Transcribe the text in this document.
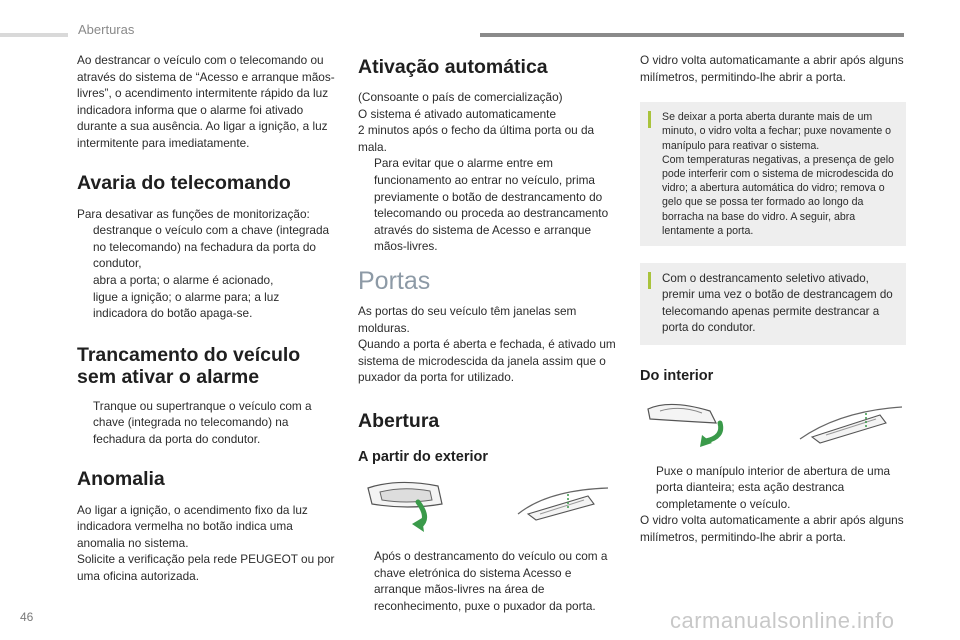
Aberturas

Ao destrancar o veículo com o telecomando ou através do sistema de “Acesso e arranque mãos-livres”, o acendimento intermitente rápido da luz indicadora informa que o alarme foi ativado durante a sua ausência. Ao ligar a ignição, a luz intermitente para imediatamente.

Avaria do telecomando

Para desativar as funções de monitorização:

destranque o veículo com a chave (integrada no telecomando) na fechadura da porta do condutor,
abra a porta; o alarme é acionado,
ligue a ignição; o alarme para; a luz indicadora do botão apaga-se.
Trancamento do veículo sem ativar o alarme
Tranque ou supertranque o veículo com a chave (integrada no telecomando) na fechadura da porta do condutor.
Anomalia

Ao ligar a ignição, o acendimento fixo da luz indicadora vermelha no botão indica uma anomalia no sistema.

Solicite a verificação pela rede PEUGEOT ou por uma oficina autorizada.

Ativação automática

(Consoante o país de comercialização)

O sistema é ativado automaticamente

2 minutos após o fecho da última porta ou da mala.

Para evitar que o alarme entre em funcionamento ao entrar no veículo, prima previamente o botão de destrancamento do telecomando ou proceda ao destrancamento através do sistema de Acesso e arranque mãos-livres.
Portas

As portas do seu veículo têm janelas sem molduras.

Quando a porta é aberta e fechada, é ativado um sistema de microdescida da janela assim que o puxador da porta for utilizado.

Abertura
A partir do exterior
Após o destrancamento do veículo ou com a chave eletrónica do sistema Acesso e arranque mãos-livres na área de reconhecimento, puxe o puxador da porta.

O vidro volta automaticamante a abrir após alguns milímetros, permitindo-lhe abrir a porta.

Se deixar a porta aberta durante mais de um minuto, o vidro volta a fechar; puxe novamente o manípulo para reativar o sistema.

Com temperaturas negativas, a presença de gelo pode interferir com o sistema de microdescida do vidro; a abertura automática do vidro; remova o gelo que se possa ter formado ao longo da borracha na base do vidro. A seguir, abra lentamente a porta.

Com o destrancamento seletivo ativado, premir uma vez o botão de destrancagem do telecomando apenas permite destrancar a porta do condutor.

Do interior
Puxe o manípulo interior de abertura de uma porta dianteira; esta ação destranca completamente o veículo.

O vidro volta automaticamente a abrir após alguns milímetros, permitindo-lhe abrir a porta.

46	carmanualsonline.info
